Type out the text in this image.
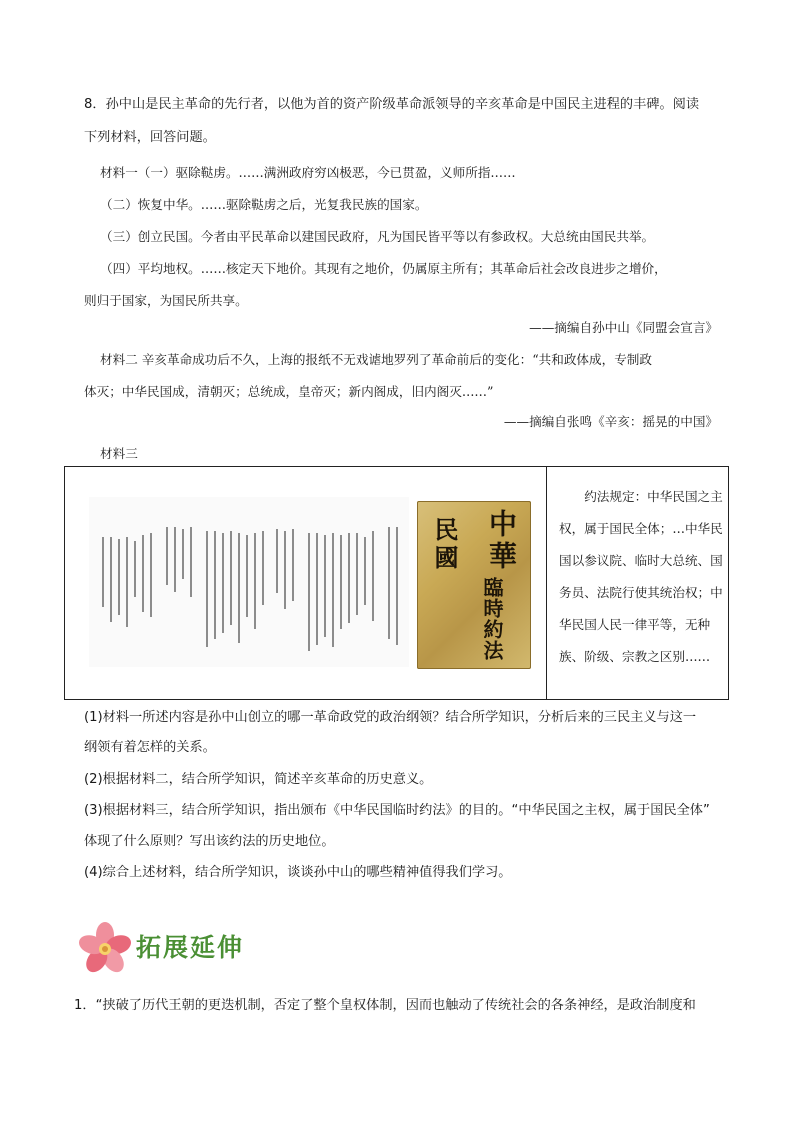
8．孙中山是民主革命的先行者，以他为首的资产阶级革命派领导的辛亥革命是中国民主进程的丰碑。阅读
下列材料，回答问题。
材料一（一）驱除鞑虏。……满洲政府穷凶极恶，今已贯盈，义师所指……
（二）恢复中华。……驱除鞑虏之后，光复我民族的国家。
（三）创立民国。今者由平民革命以建国民政府，凡为国民皆平等以有参政权。大总统由国民共举。
（四）平均地权。……核定天下地价。其现有之地价，仍属原主所有；其革命后社会改良进步之增价，
则归于国家，为国民所共享。
——摘编自孙中山《同盟会宣言》
材料二 辛亥革命成功后不久，上海的报纸不无戏谑地罗列了革命前后的变化：“共和政体成，专制政
体灭；中华民国成，清朝灭；总统成，皇帝灭；新内阁成，旧内阁灭……”
——摘编自张鸣《辛亥：摇晃的中国》
材料三
中華
民國
臨時約法
约法规定：中华民国之主权，属于国民全体；…中华民国以参议院、临时大总统、国务员、法院行使其统治权；中华民国人民一律平等，无种族、阶级、宗教之区别……
(1)材料一所述内容是孙中山创立的哪一革命政党的政治纲领？结合所学知识，分析后来的三民主义与这一
纲领有着怎样的关系。
(2)根据材料二，结合所学知识，简述辛亥革命的历史意义。
(3)根据材料三，结合所学知识，指出颁布《中华民国临时约法》的目的。“中华民国之主权，属于国民全体”
体现了什么原则？写出该约法的历史地位。
(4)综合上述材料，结合所学知识，谈谈孙中山的哪些精神值得我们学习。
拓展延伸
1．“挟破了历代王朝的更迭机制，否定了整个皇权体制，因而也触动了传统社会的各条神经，是政治制度和
